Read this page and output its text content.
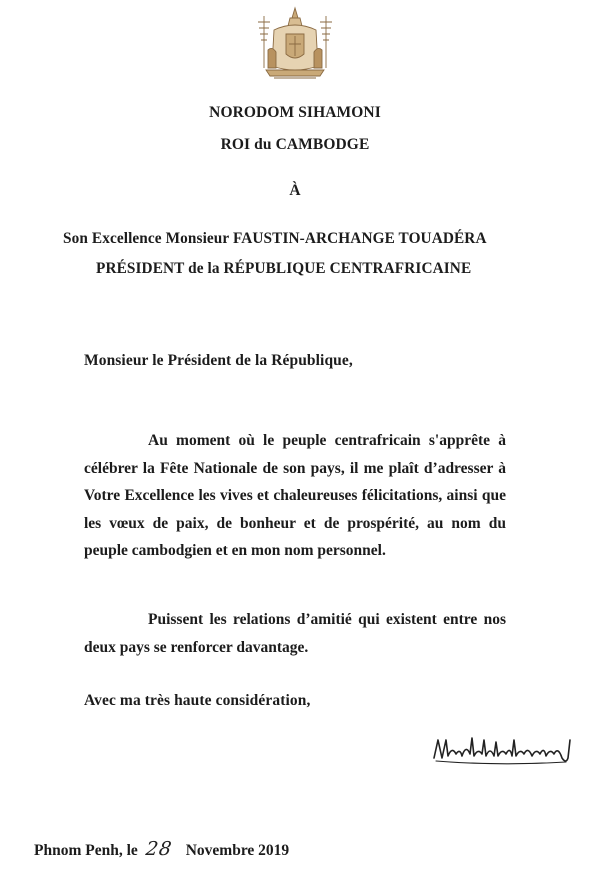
NORODOM SIHAMONI
ROI du CAMBODGE
À
Son Excellence Monsieur FAUSTIN-ARCHANGE TOUADÉRA
PRÉSIDENT de la RÉPUBLIQUE CENTRAFRICAINE
Monsieur le Président de la République,
Au moment où le peuple centrafricain s'apprête à célébrer la Fête Nationale de son pays, il me plaît d’adresser à Votre Excellence les vives et chaleureuses félicitations, ainsi que les vœux de paix, de bonheur et de prospérité, au nom du peuple cambodgien et en mon nom personnel.
Puissent les relations d’amitié qui existent entre nos deux pays se renforcer davantage.
Avec ma très haute considération,
Phnom Penh, le 28 Novembre 2019
